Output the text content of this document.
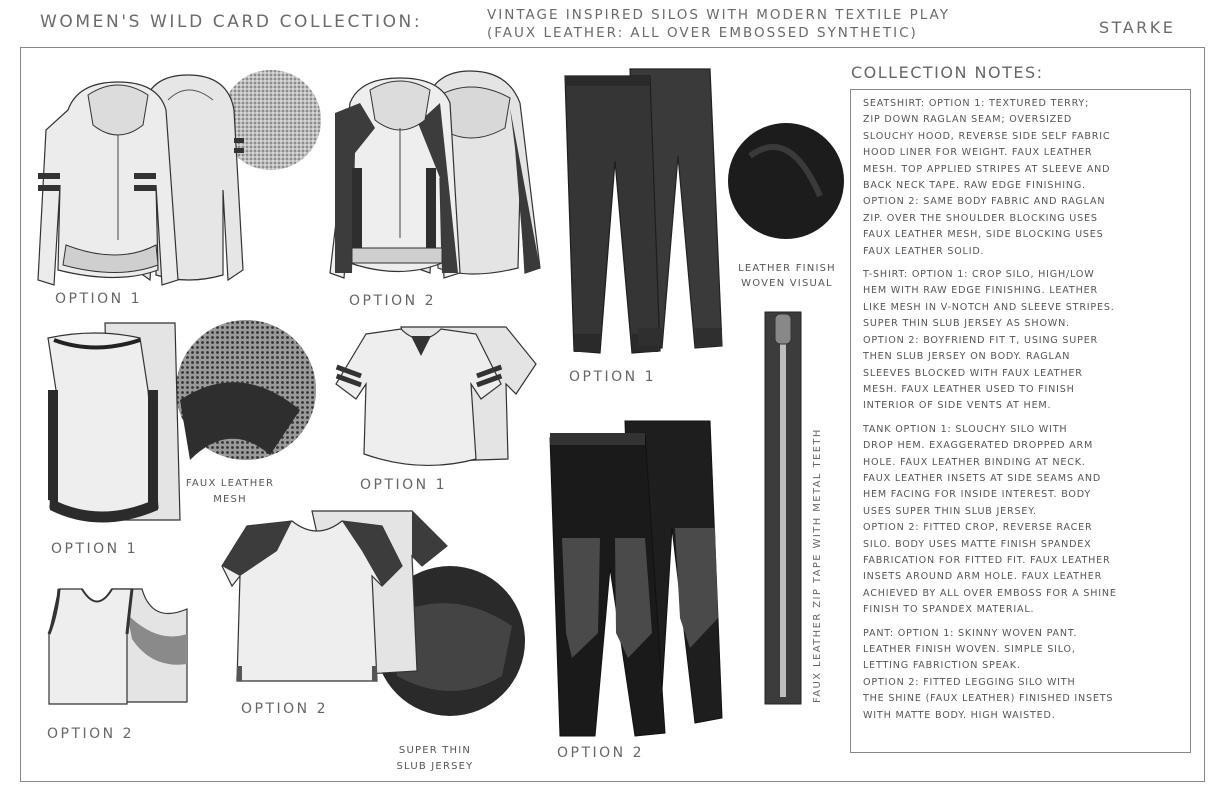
WOMEN'S WILD CARD COLLECTION:	VINTAGE INSPIRED SILOS WITH MODERN TEXTILE PLAY
(FAUX LEATHER: ALL OVER EMBOSSED SYNTHETIC)	STARKE
OPTION 1	OPTION 2
OPTION 1
LEATHER FINISH
WOVEN VISUAL
FAUX LEATHER ZIP TAPE WITH METAL TEETH
FAUX LEATHER
MESH
OPTION 1
OPTION 1
OPTION 2
OPTION 2
OPTION 2
SUPER THIN
SLUB JERSEY
COLLECTION NOTES:
SEATSHIRT: OPTION 1: TEXTURED TERRY;
ZIP DOWN RAGLAN SEAM; OVERSIZED
SLOUCHY HOOD, REVERSE SIDE SELF FABRIC
HOOD LINER FOR WEIGHT. FAUX LEATHER
MESH. TOP APPLIED STRIPES AT SLEEVE AND
BACK NECK TAPE. RAW EDGE FINISHING.
OPTION 2: SAME BODY FABRIC AND RAGLAN
ZIP. OVER THE SHOULDER BLOCKING USES
FAUX LEATHER MESH, SIDE BLOCKING USES
FAUX LEATHER SOLID.
T-SHIRT: OPTION 1: CROP SILO, HIGH/LOW
HEM WITH RAW EDGE FINISHING. LEATHER
LIKE MESH IN V-NOTCH AND SLEEVE STRIPES.
SUPER THIN SLUB JERSEY AS SHOWN.
OPTION 2: BOYFRIEND FIT T, USING SUPER
THEN SLUB JERSEY ON BODY. RAGLAN
SLEEVES BLOCKED WITH FAUX LEATHER
MESH. FAUX LEATHER USED TO FINISH
INTERIOR OF SIDE VENTS AT HEM.
TANK OPTION 1: SLOUCHY SILO WITH
DROP HEM. EXAGGERATED DROPPED ARM
HOLE. FAUX LEATHER BINDING AT NECK.
FAUX LEATHER INSETS AT SIDE SEAMS AND
HEM FACING FOR INSIDE INTEREST. BODY
USES SUPER THIN SLUB JERSEY.
OPTION 2: FITTED CROP, REVERSE RACER
SILO. BODY USES MATTE FINISH SPANDEX
FABRICATION FOR FITTED FIT. FAUX LEATHER
INSETS AROUND ARM HOLE. FAUX LEATHER
ACHIEVED BY ALL OVER EMBOSS FOR A SHINE
FINISH TO SPANDEX MATERIAL.
PANT: OPTION 1: SKINNY WOVEN PANT.
LEATHER FINISH WOVEN. SIMPLE SILO,
LETTING FABRICTION SPEAK.
OPTION 2: FITTED LEGGING SILO WITH
THE SHINE (FAUX LEATHER) FINISHED INSETS
WITH MATTE BODY. HIGH WAISTED.
